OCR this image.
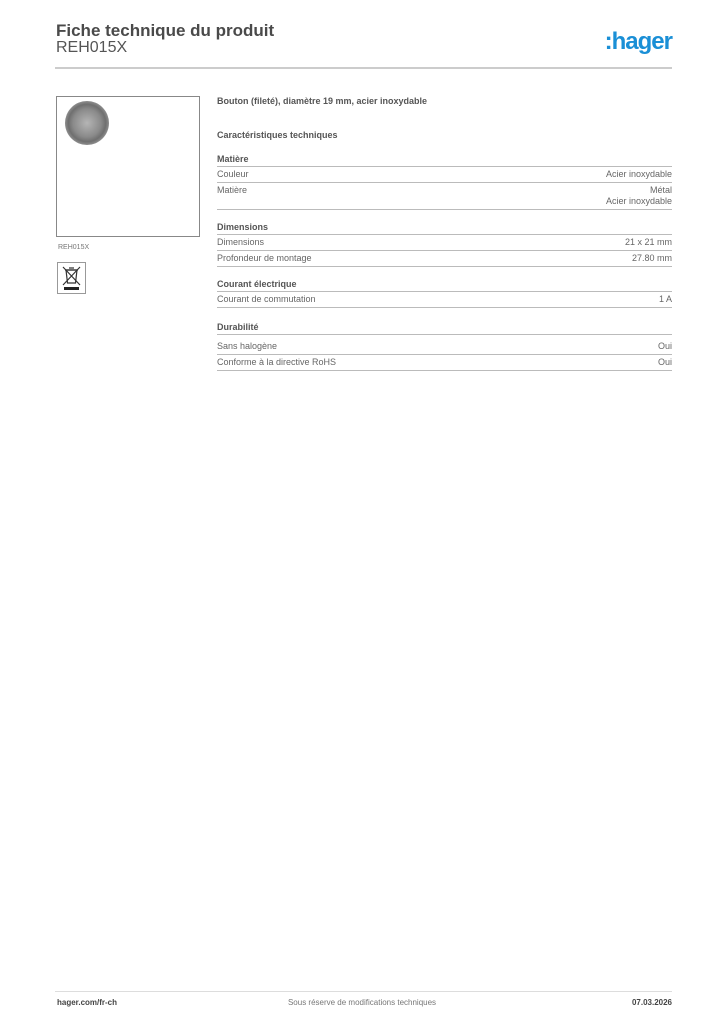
Fiche technique du produit
REH015X	:hager
REH015X
Bouton (fileté), diamètre 19 mm, acier inoxydable
Caractéristiques techniques
Matière
Couleur	Acier inoxydable
Matière	Métal
Acier inoxydable
Dimensions
Dimensions	21 x 21 mm
Profondeur de montage	27.80 mm
Courant électrique
Courant de commutation	1 A
Durabilité
Sans halogène	Oui
Conforme à la directive RoHS	Oui
hager.com/fr-ch	Sous réserve de modifications techniques	07.03.2026
